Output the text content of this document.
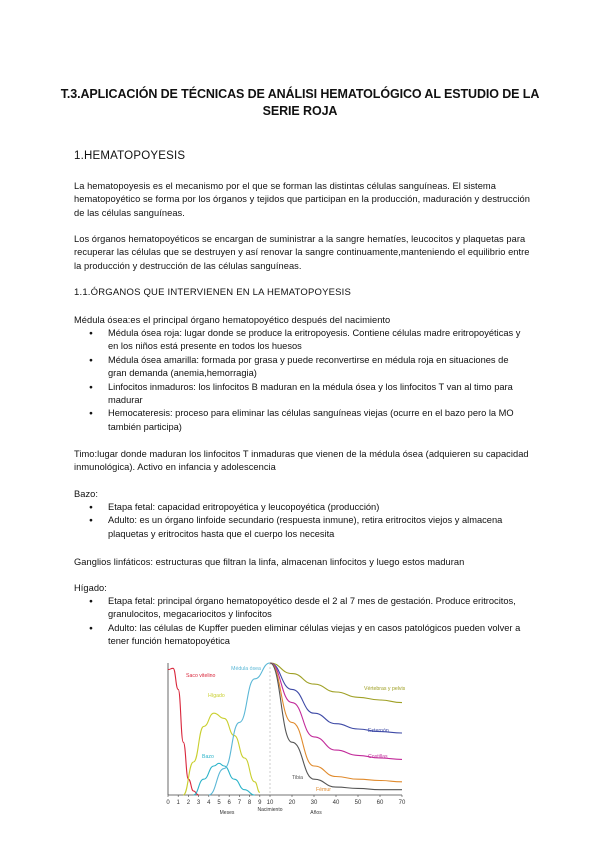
T.3.APLICACIÓN DE TÉCNICAS DE ANÁLISI HEMATOLÓGICO AL ESTUDIO DE LA SERIE ROJA
1.HEMATOPOYESIS
La hematopoyesis es el mecanismo por el que se forman las distintas células sanguíneas. El sistema hematopoyético se forma por los órganos y tejidos que participan en la producción, maduración y destrucción de las células sanguíneas.
Los órganos hematopoyéticos se encargan de suministrar a la sangre hematíes, leucocitos y plaquetas para recuperar las células que se destruyen y así renovar la sangre continuamente,manteniendo el equilibrio entre la producción y destrucción de las células sanguíneas.
1.1.ÓRGANOS QUE INTERVIENEN EN LA HEMATOPOYESIS
Médula ósea:es el principal órgano hematopoyético después del nacimiento
● Médula ósea roja: lugar donde se produce la eritropoyesis. Contiene células madre eritropoyéticas y en los niños está presente en todos los huesos
● Médula ósea amarilla: formada por grasa y puede reconvertirse en médula roja en situaciones de gran demanda (anemia,hemorragia)
● Linfocitos inmaduros: los linfocitos B maduran en la médula ósea y los linfocitos T van al timo para madurar
● Hemocateresis: proceso para eliminar las células sanguíneas viejas (ocurre en el bazo pero la MO también participa)
Timo:lugar donde maduran los linfocitos T inmaduras que vienen de la médula ósea (adquieren su capacidad inmunológica). Activo en infancia y adolescencia
Bazo:
● Etapa fetal: capacidad eritropoyética y leucopoyética (producción)
● Adulto: es un órgano linfoide secundario (respuesta inmune), retira eritrocitos viejos y almacena plaquetas y eritrocitos hasta que el cuerpo los necesita
Ganglios linfáticos: estructuras que filtran la linfa, almacenan linfocitos y luego estos maduran
Hígado:
● Etapa fetal: principal órgano hematopoyético desde el 2 al 7 mes de gestación. Produce eritrocitos, granulocitos, megacariocitos y linfocitos
● Adulto: las células de Kupffer pueden eliminar células viejas y en casos patológicos pueden volver a tener función hematopoyética
0 1 2 3 4 5 6 7 8 9 10	20	30	40	50	60	70
Meses	Nacimiento	Años
Saco vitelino
Hígado
Bazo
Médula ósea
Vértebras y pelvis
Esternón
Costillas
Fémur
Tibia
